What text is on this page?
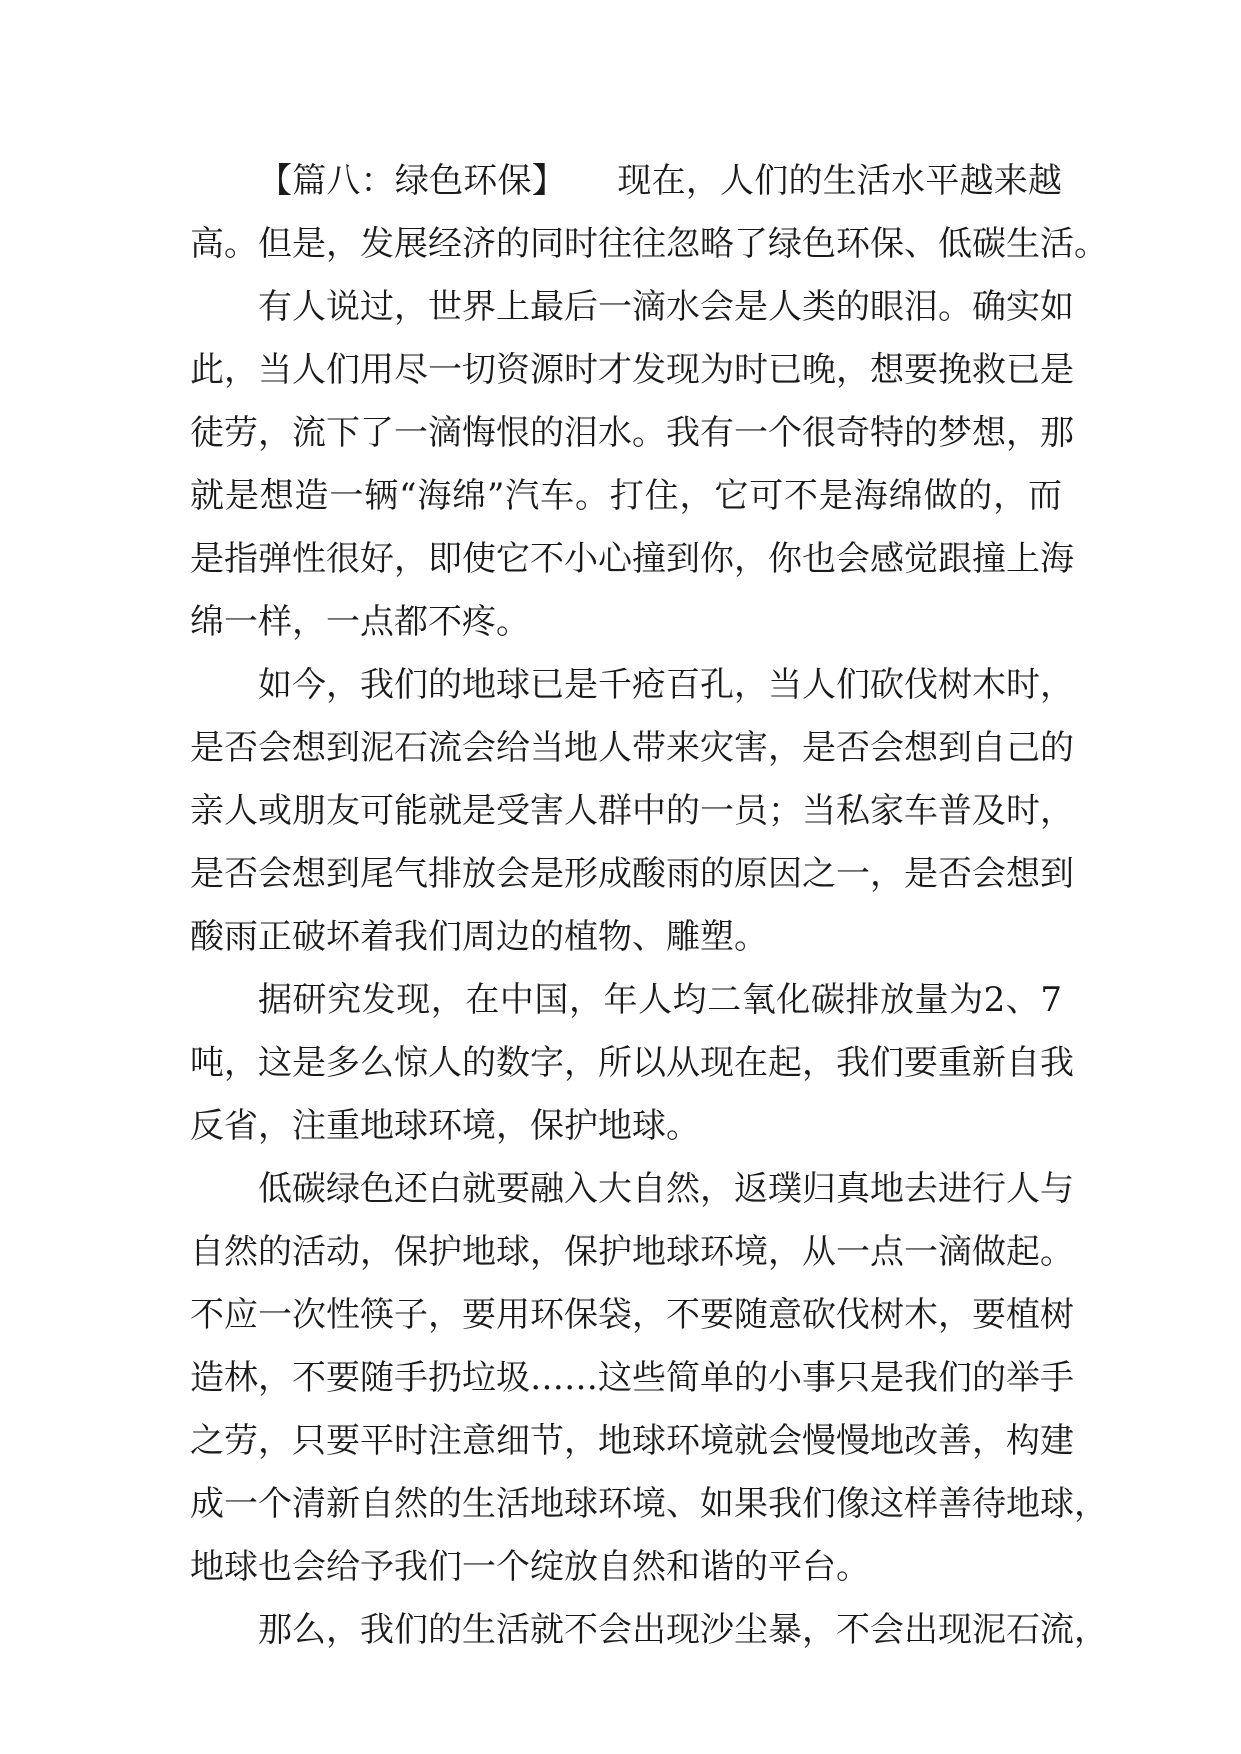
【篇八：绿色环保】　　现在，人们的生活水平越来越
高。但是，发展经济的同时往往忽略了绿色环保、低碳生活。
有人说过，世界上最后一滴水会是人类的眼泪。确实如
此，当人们用尽一切资源时才发现为时已晚，想要挽救已是
徒劳，流下了一滴悔恨的泪水。我有一个很奇特的梦想，那
就是想造一辆“海绵”汽车。打住，它可不是海绵做的，而
是指弹性很好，即使它不小心撞到你，你也会感觉跟撞上海
绵一样，一点都不疼。
如今，我们的地球已是千疮百孔，当人们砍伐树木时，
是否会想到泥石流会给当地人带来灾害，是否会想到自己的
亲人或朋友可能就是受害人群中的一员；当私家车普及时，
是否会想到尾气排放会是形成酸雨的原因之一，是否会想到
酸雨正破坏着我们周边的植物、雕塑。
据研究发现，在中国，年人均二氧化碳排放量为2、7
吨，这是多么惊人的数字，所以从现在起，我们要重新自我
反省，注重地球环境，保护地球。
低碳绿色还白就要融入大自然，返璞归真地去进行人与
自然的活动，保护地球，保护地球环境，从一点一滴做起。
不应一次性筷子，要用环保袋，不要随意砍伐树木，要植树
造林，不要随手扔垃圾……这些简单的小事只是我们的举手
之劳，只要平时注意细节，地球环境就会慢慢地改善，构建
成一个清新自然的生活地球环境、如果我们像这样善待地球，
地球也会给予我们一个绽放自然和谐的平台。
那么，我们的生活就不会出现沙尘暴，不会出现泥石流，
